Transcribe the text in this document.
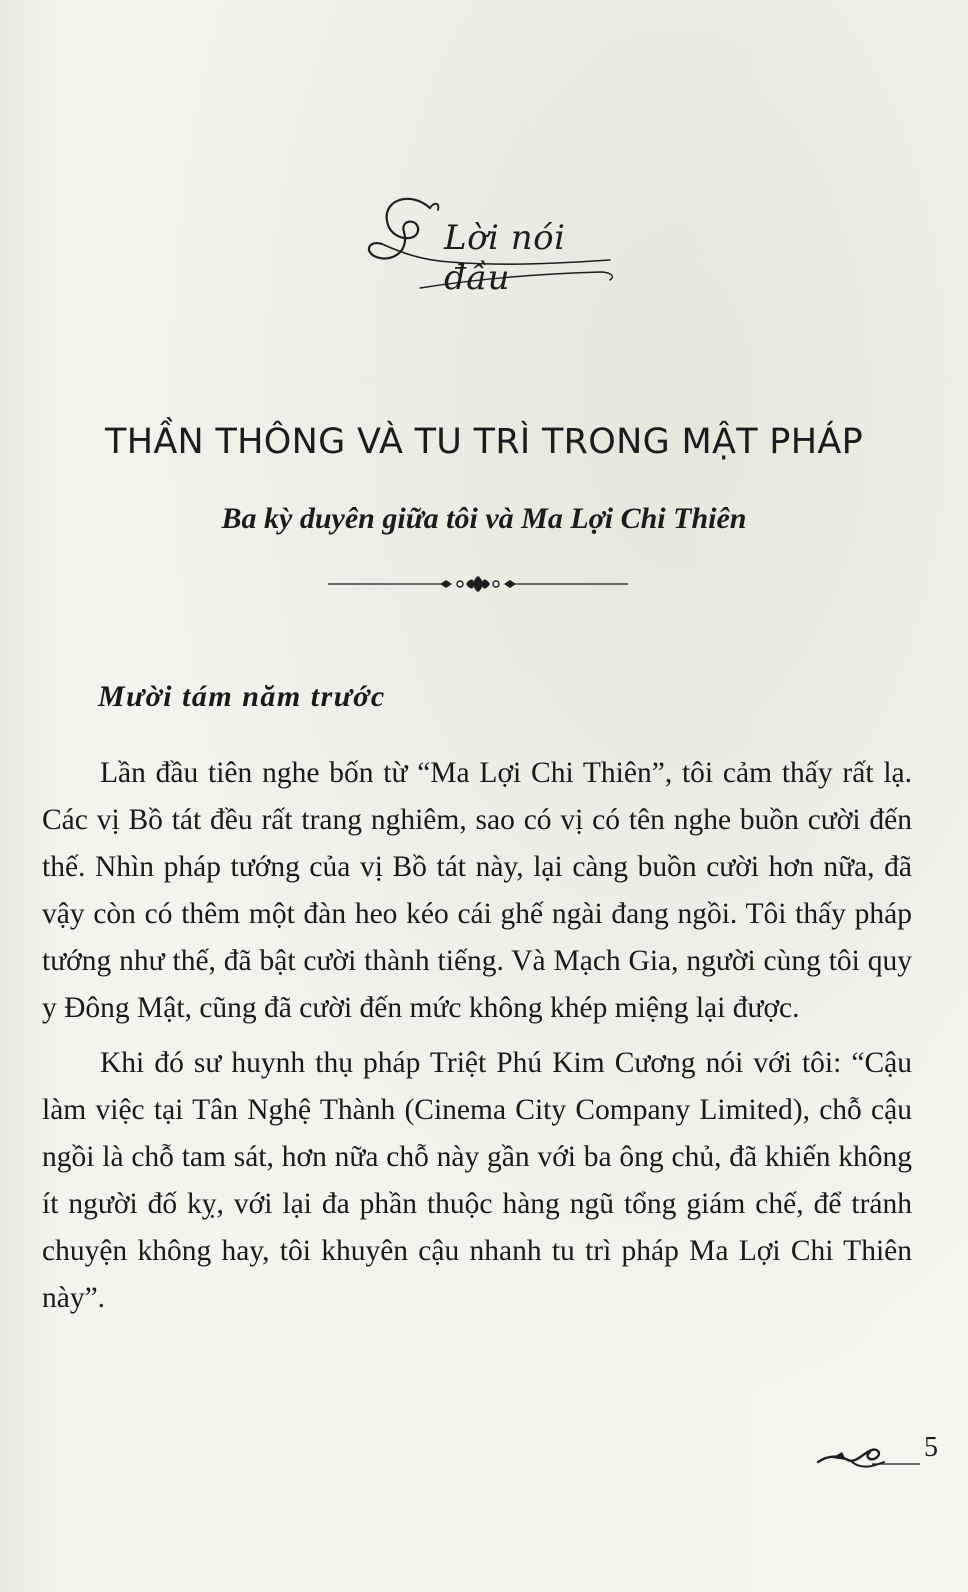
Lời nói đầu
THẦN THÔNG VÀ TU TRÌ TRONG MẬT PHÁP
Ba kỳ duyên giữa tôi và Ma Lợi Chi Thiên
Mười tám năm trước

Lần đầu tiên nghe bốn từ “Ma Lợi Chi Thiên”, tôi cảm thấy rất lạ. Các vị Bồ tát đều rất trang nghiêm, sao có vị có tên nghe buồn cười đến thế. Nhìn pháp tướng của vị Bồ tát này, lại càng buồn cười hơn nữa, đã vậy còn có thêm một đàn heo kéo cái ghế ngài đang ngồi. Tôi thấy pháp tướng như thế, đã bật cười thành tiếng. Và Mạch Gia, người cùng tôi quy y Đông Mật, cũng đã cười đến mức không khép miệng lại được.

Khi đó sư huynh thụ pháp Triệt Phú Kim Cương nói với tôi: “Cậu làm việc tại Tân Nghệ Thành (Cinema City Company Limited), chỗ cậu ngồi là chỗ tam sát, hơn nữa chỗ này gần với ba ông chủ, đã khiến không ít người đố kỵ, với lại đa phần thuộc hàng ngũ tổng giám chế, để tránh chuyện không hay, tôi khuyên cậu nhanh tu trì pháp Ma Lợi Chi Thiên này”.

5
